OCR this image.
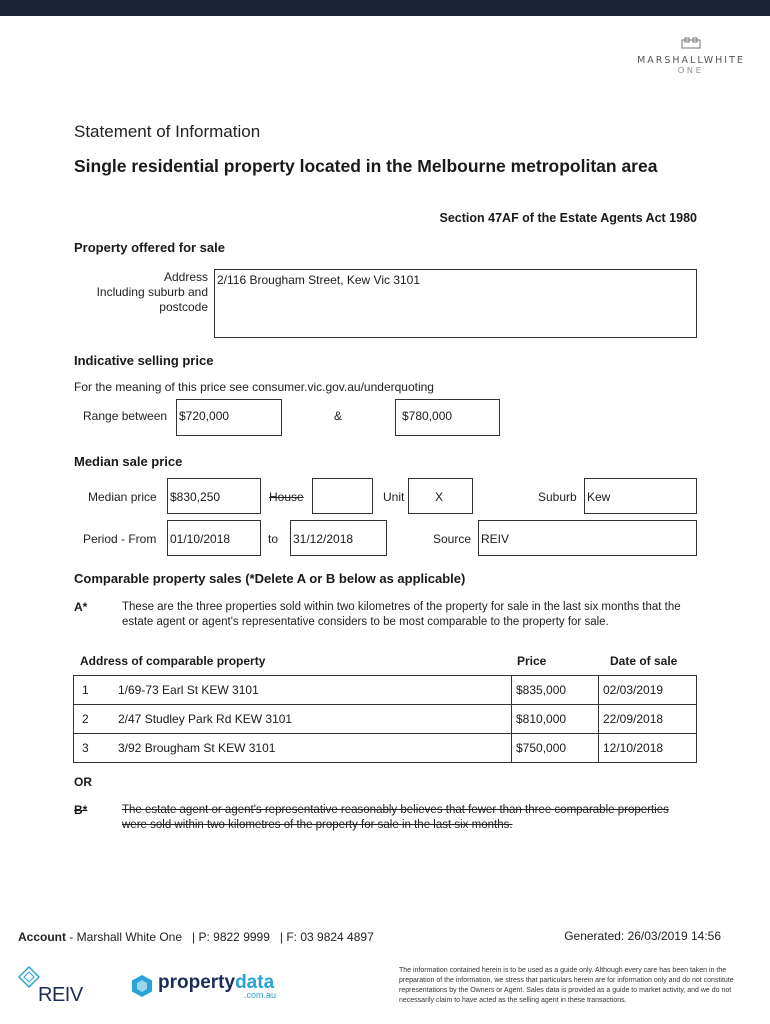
MARSHALLWHITE
ONE
Statement of Information
Single residential property located in the Melbourne metropolitan area
Section 47AF of the Estate Agents Act 1980
Property offered for sale
Address
Including suburb and
postcode
2/116 Brougham Street, Kew Vic 3101
Indicative selling price
For the meaning of this price see consumer.vic.gov.au/underquoting
Range between $720,000	&	$780,000
Median sale price
Median price $830,250	House	Unit	X	Suburb Kew
Period - From 01/10/2018	to 31/12/2018	Source REIV
Comparable property sales (*Delete A or B below as applicable)
A*	These are the three properties sold within two kilometres of the property for sale in the last six months that the estate agent or agent's representative considers to be most comparable to the property for sale.
Address of comparable property	Price	Date of sale
1	1/69-73 Earl St KEW 3101	$835,000	02/03/2019
2	2/47 Studley Park Rd KEW 3101	$810,000	22/09/2018
3	3/92 Brougham St KEW 3101	$750,000	12/10/2018
OR
B*	The estate agent or agent's representative reasonably believes that fewer than three comparable properties were sold within two kilometres of the property for sale in the last six months.
Account - Marshall White One   | P: 9822 9999   | F: 03 9824 4897	Generated: 26/03/2019 14:56
REIV
propertydata
.com.au
The information contained herein is to be used as a guide only. Although every care has been taken in the preparation of the information, we stress that particulars herein are for information only and do not constitute representations by the Owners or Agent. Sales data is provided as a guide to market activity, and we do not necessarily claim to have acted as the selling agent in these transactions.
